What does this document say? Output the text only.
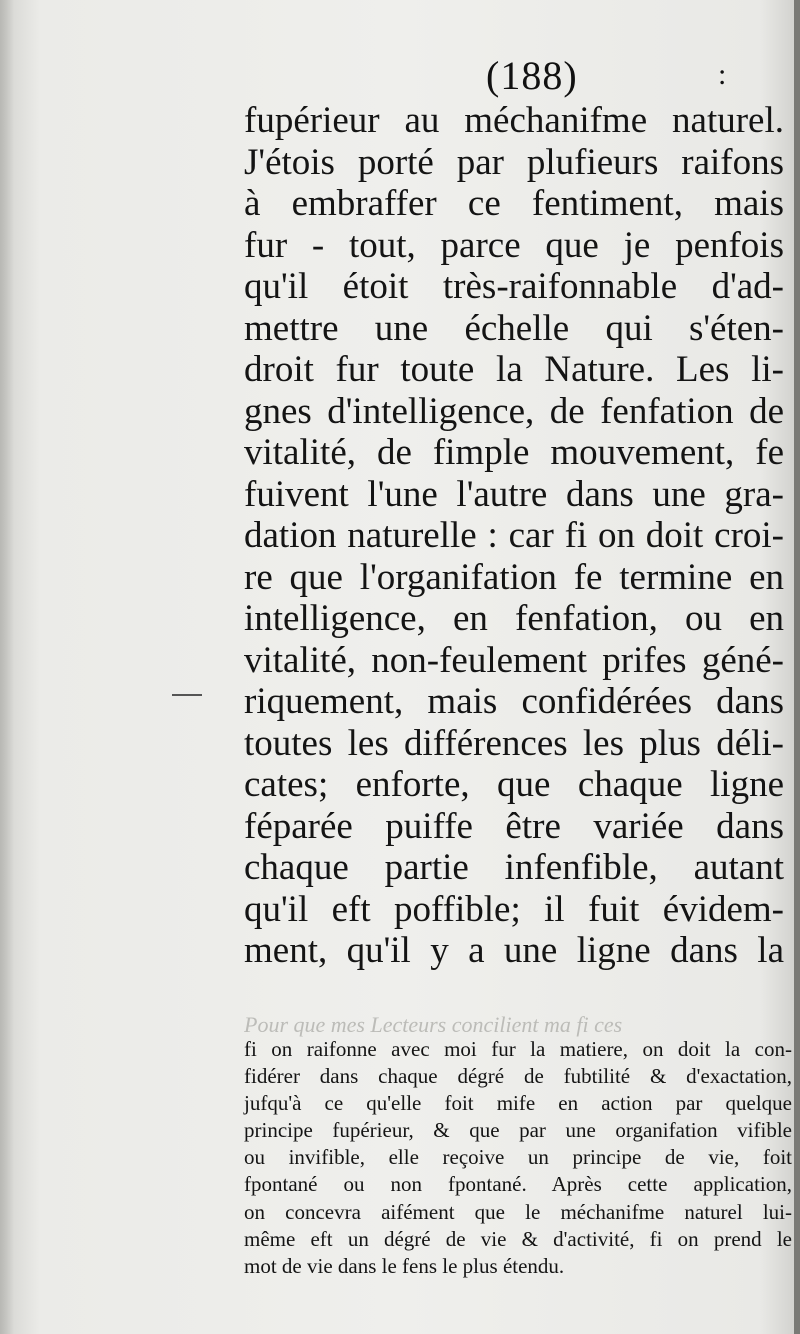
(188)	:
fupérieur au méchanifme naturel.
J'étois porté par plufieurs raifons
à embraffer ce fentiment, mais
fur - tout, parce que je penfois
qu'il étoit très-raifonnable d'ad-
mettre une échelle qui s'éten-
droit fur toute la Nature. Les li-
gnes d'intelligence, de fenfation de
vitalité, de fimple mouvement, fe
fuivent l'une l'autre dans une gra-
dation naturelle : car fi on doit croi-
re que l'organifation fe termine en
intelligence, en fenfation, ou en
vitalité, non-feulement prifes géné-
riquement, mais confidérées dans
toutes les différences les plus déli-
cates; enforte, que chaque ligne
féparée puiffe être variée dans
chaque partie infenfible, autant
qu'il eft poffible; il fuit évidem-
ment, qu'il y a une ligne dans la
Pour que mes Lecteurs concilient ma fi ces
fi on raifonne avec moi fur la matiere, on doit la con-
fidérer dans chaque dégré de fubtilité & d'exactation,
jufqu'à ce qu'elle foit mife en action par quelque
principe fupérieur, & que par une organifation vifible
ou invifible, elle reçoive un principe de vie, foit
fpontané ou non fpontané. Après cette application,
on concevra aifément que le méchanifme naturel lui-
même eft un dégré de vie & d'activité, fi on prend le
mot de vie dans le fens le plus étendu.
